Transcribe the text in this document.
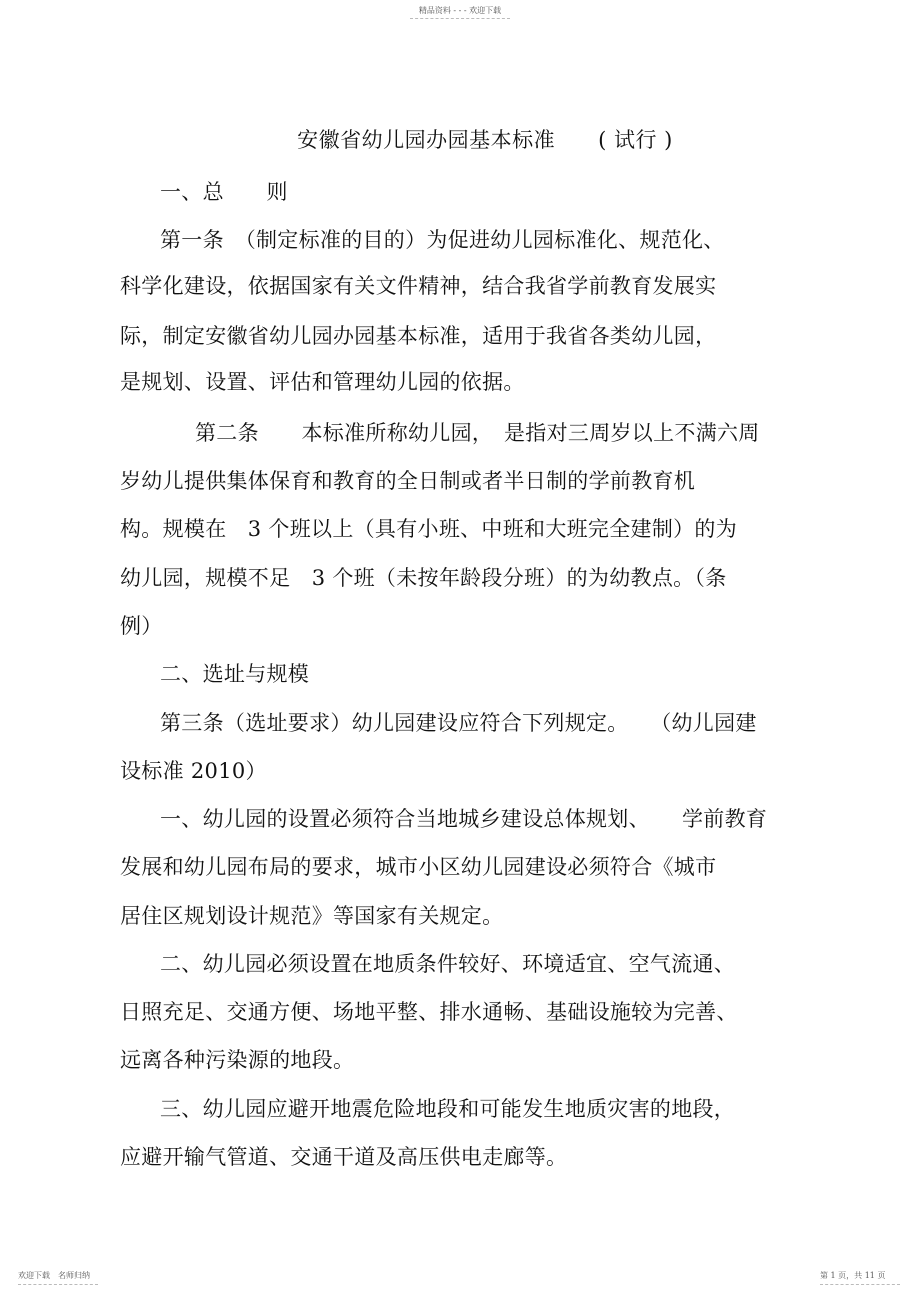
精品资料 - - - 欢迎下载
安徽省幼儿园办园基本标准　　( 试行 )
一、总　　则
第一条　（制定标准的目的）为促进幼儿园标准化、规范化、
科学化建设，依据国家有关文件精神，结合我省学前教育发展实
际，制定安徽省幼儿园办园基本标准，适用于我省各类幼儿园，
是规划、设置、评估和管理幼儿园的依据。
第二条　　本标准所称幼儿园，　是指对三周岁以上不满六周
岁幼儿提供集体保育和教育的全日制或者半日制的学前教育机
构。规模在　3 个班以上（具有小班、中班和大班完全建制）的为
幼儿园，规模不足　3 个班（未按年龄段分班）的为幼教点。（条
例）
二、选址与规模
第三条（选址要求）幼儿园建设应符合下列规定。　　（幼儿园建
设标准 2010）
一、幼儿园的设置必须符合当地城乡建设总体规划、　　学前教育
发展和幼儿园布局的要求，城市小区幼儿园建设必须符合《城市
居住区规划设计规范》等国家有关规定。
二、幼儿园必须设置在地质条件较好、环境适宜、空气流通、
日照充足、交通方便、场地平整、排水通畅、基础设施较为完善、
远离各种污染源的地段。
三、幼儿园应避开地震危险地段和可能发生地质灾害的地段，
应避开输气管道、交通干道及高压供电走廊等。
欢迎下载　名师归纳	第 1 页，共 11 页
